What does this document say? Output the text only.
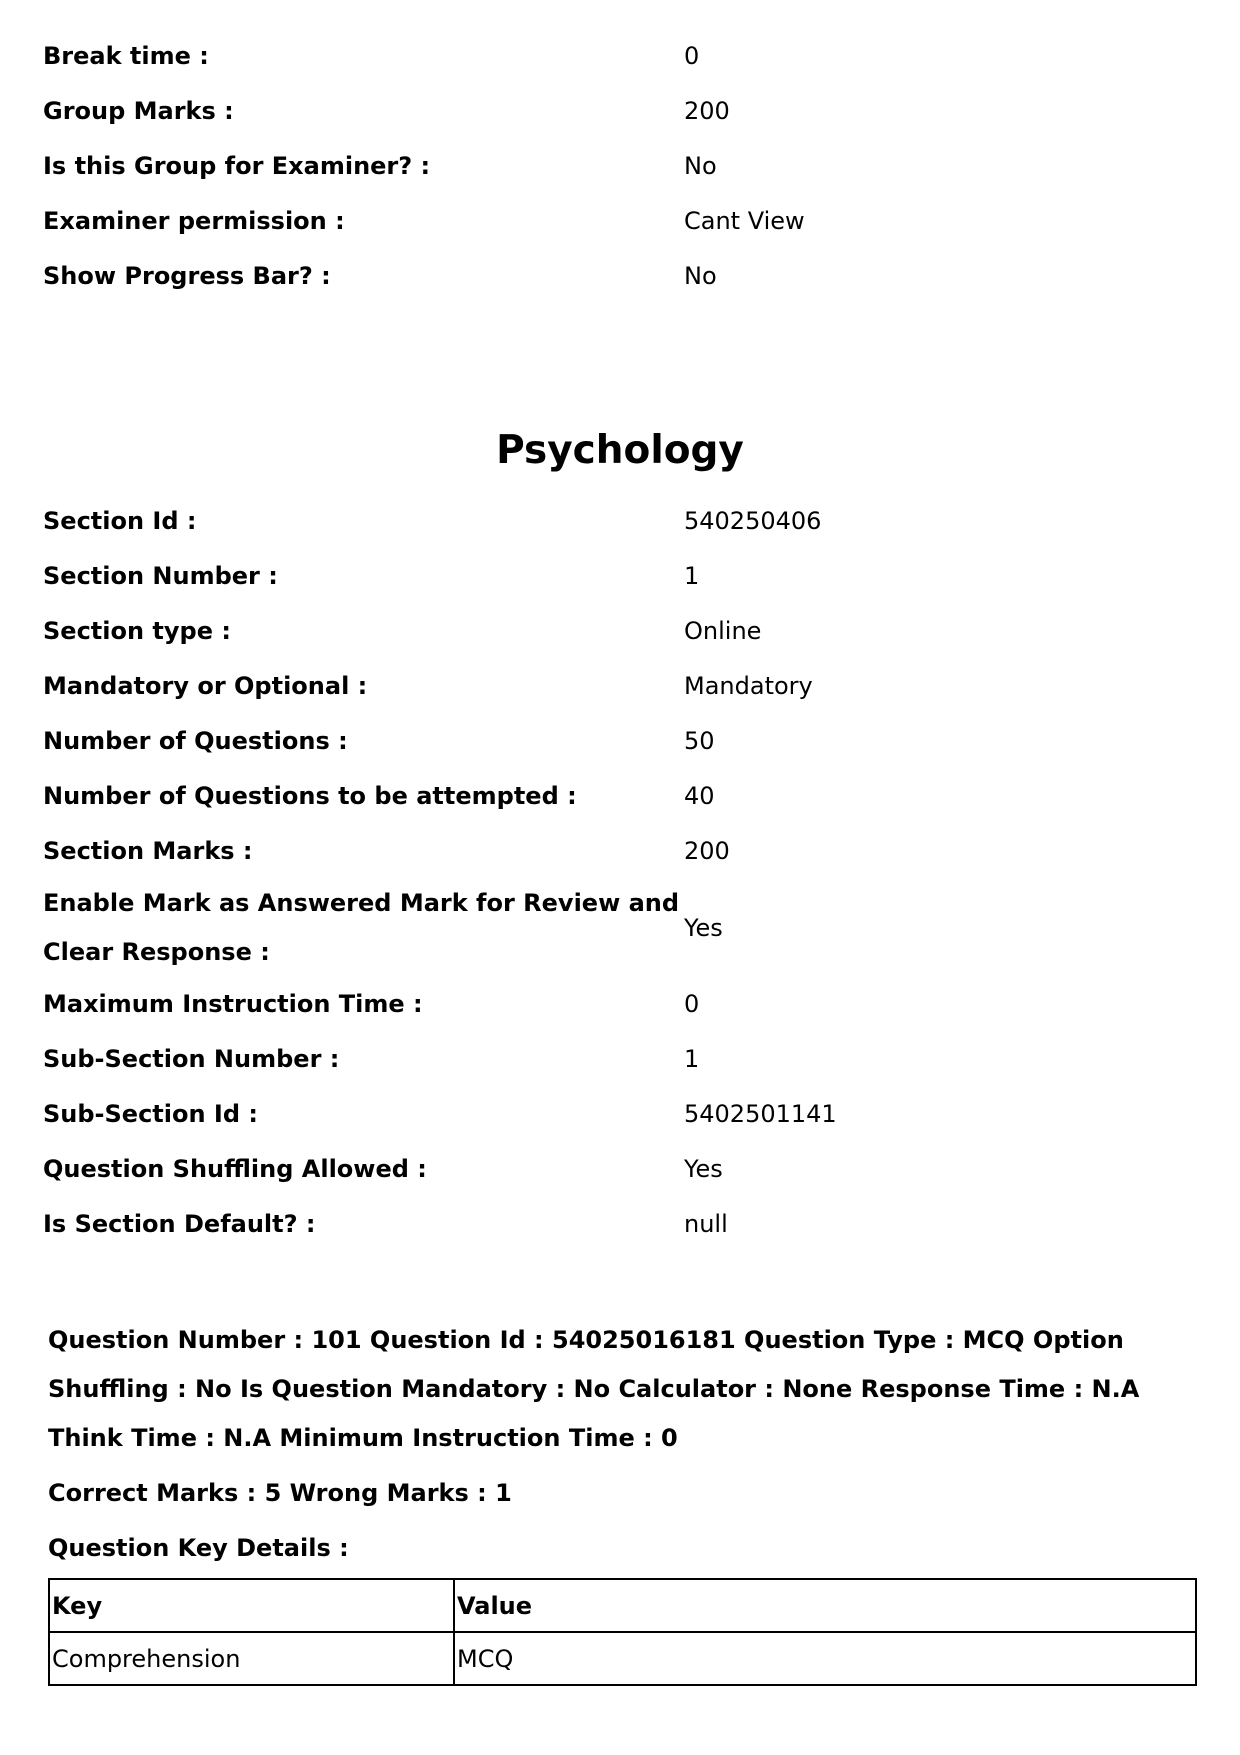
Break time :	0
Group Marks :	200
Is this Group for Examiner? :	No
Examiner permission :	Cant View
Show Progress Bar? :	No
Psychology
Section Id :	540250406
Section Number :	1
Section type :	Online
Mandatory or Optional :	Mandatory
Number of Questions :	50
Number of Questions to be attempted :	40
Section Marks :	200
Enable Mark as Answered Mark for Review and Clear Response :	Yes
Maximum Instruction Time :	0
Sub-Section Number :	1
Sub-Section Id :	5402501141
Question Shuffling Allowed :	Yes
Is Section Default? :	null

Question Number : 101 Question Id : 54025016181 Question Type : MCQ Option Shuffling : No Is Question Mandatory : No Calculator : None Response Time : N.A Think Time : N.A Minimum Instruction Time : 0

Correct Marks : 5 Wrong Marks : 1

Question Key Details :

Key	Value
Comprehension	MCQ
